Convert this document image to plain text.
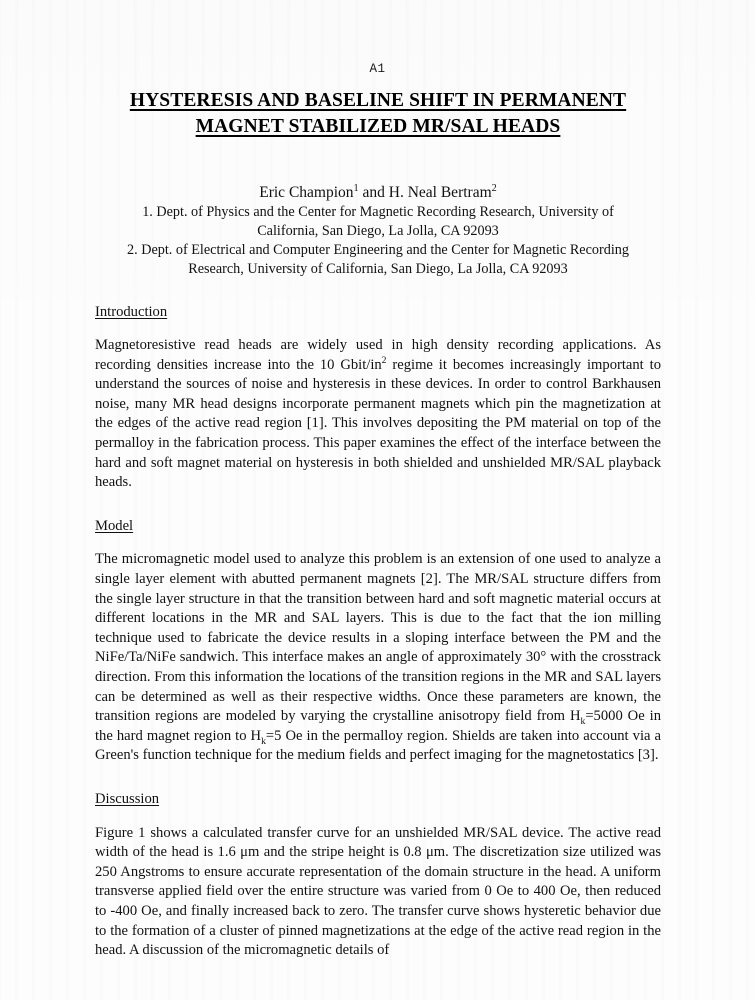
A1
HYSTERESIS AND BASELINE SHIFT IN PERMANENT
MAGNET STABILIZED MR/SAL HEADS
Eric Champion$^1$ and H. Neal Bertram$^2$
1. Dept. of Physics and the Center for Magnetic Recording Research, University of
California, San Diego, La Jolla, CA 92093
2. Dept. of Electrical and Computer Engineering and the Center for Magnetic Recording
Research, University of California, San Diego, La Jolla, CA 92093
Introduction

Magnetoresistive read heads are widely used in high density recording applications. As recording densities increase into the 10 Gbit/$in^2$ regime it becomes increasingly important to understand the sources of noise and hysteresis in these devices. In order to control Barkhausen noise, many MR head designs incorporate permanent magnets which pin the magnetization at the edges of the active read region [1]. This involves depositing the PM material on top of the permalloy in the fabrication process. This paper examines the effect of the interface between the hard and soft magnet material on hysteresis in both shielded and unshielded MR/SAL playback heads.

Model

The micromagnetic model used to analyze this problem is an extension of one used to analyze a single layer element with abutted permanent magnets [2]. The MR/SAL structure differs from the single layer structure in that the transition between hard and soft magnetic material occurs at different locations in the MR and SAL layers. This is due to the fact that the ion milling technique used to fabricate the device results in a sloping interface between the PM and the NiFe/Ta/NiFe sandwich. This interface makes an angle of approximately 30° with the crosstrack direction. From this information the locations of the transition regions in the MR and SAL layers can be determined as well as their respective widths. Once these parameters are known, the transition regions are modeled by varying the crystalline anisotropy field from $H_k=5000$ Oe in the hard magnet region to $H_k=5$ Oe in the permalloy region. Shields are taken into account via a Green's function technique for the medium fields and perfect imaging for the magnetostatics [3].

Discussion

Figure 1 shows a calculated transfer curve for an unshielded MR/SAL device. The active read width of the head is 1.6 μm and the stripe height is 0.8 μm. The discretization size utilized was 250 Angstroms to ensure accurate representation of the domain structure in the head. A uniform transverse applied field over the entire structure was varied from 0 Oe to 400 Oe, then reduced to -400 Oe, and finally increased back to zero. The transfer curve shows hysteretic behavior due to the formation of a cluster of pinned magnetizations at the edge of the active read region in the head. A discussion of the micromagnetic details of
